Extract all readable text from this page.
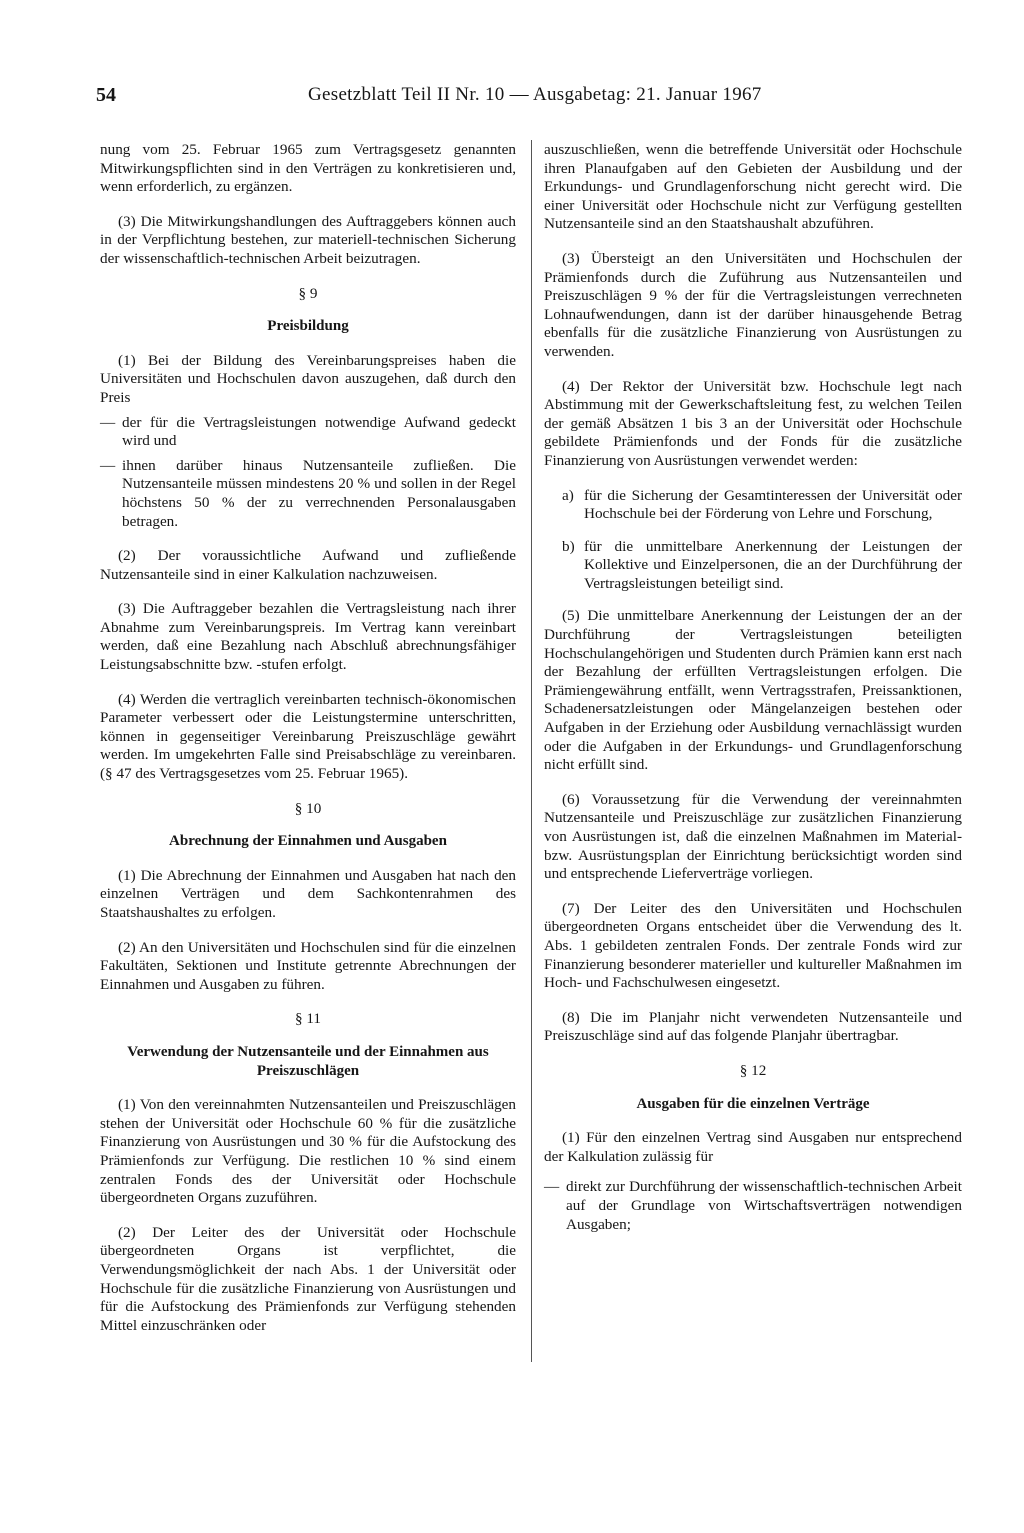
54	Gesetzblatt Teil II Nr. 10 — Ausgabetag: 21. Januar 1967

nung vom 25. Februar 1965 zum Vertragsgesetz genannten Mitwirkungspflichten sind in den Verträgen zu konkretisieren und, wenn erforderlich, zu ergänzen.

(3) Die Mitwirkungshandlungen des Auftraggebers können auch in der Verpflichtung bestehen, zur materiell-technischen Sicherung der wissenschaftlich-technischen Arbeit beizutragen.

§ 9
Preisbildung

(1) Bei der Bildung des Vereinbarungspreises haben die Universitäten und Hochschulen davon auszugehen, daß durch den Preis

— der für die Vertragsleistungen notwendige Aufwand gedeckt wird und
— ihnen darüber hinaus Nutzensanteile zufließen. Die Nutzensanteile müssen mindestens 20 % und sollen in der Regel höchstens 50 % der zu verrechnenden Personalausgaben betragen.

(2) Der voraussichtliche Aufwand und zufließende Nutzensanteile sind in einer Kalkulation nachzuweisen.

(3) Die Auftraggeber bezahlen die Vertragsleistung nach ihrer Abnahme zum Vereinbarungspreis. Im Vertrag kann vereinbart werden, daß eine Bezahlung nach Abschluß abrechnungsfähiger Leistungsabschnitte bzw. -stufen erfolgt.

(4) Werden die vertraglich vereinbarten technisch-ökonomischen Parameter verbessert oder die Leistungstermine unterschritten, können in gegenseitiger Vereinbarung Preiszuschläge gewährt werden. Im umgekehrten Falle sind Preisabschläge zu vereinbaren. (§ 47 des Vertragsgesetzes vom 25. Februar 1965).

§ 10
Abrechnung der Einnahmen und Ausgaben

(1) Die Abrechnung der Einnahmen und Ausgaben hat nach den einzelnen Verträgen und dem Sachkontenrahmen des Staatshaushaltes zu erfolgen.

(2) An den Universitäten und Hochschulen sind für die einzelnen Fakultäten, Sektionen und Institute getrennte Abrechnungen der Einnahmen und Ausgaben zu führen.

§ 11
Verwendung der Nutzensanteile und der Einnahmen aus Preiszuschlägen

(1) Von den vereinnahmten Nutzensanteilen und Preiszuschlägen stehen der Universität oder Hochschule 60 % für die zusätzliche Finanzierung von Ausrüstungen und 30 % für die Aufstockung des Prämienfonds zur Verfügung. Die restlichen 10 % sind einem zentralen Fonds des der Universität oder Hochschule übergeordneten Organs zuzuführen.

(2) Der Leiter des der Universität oder Hochschule übergeordneten Organs ist verpflichtet, die Verwendungsmöglichkeit der nach Abs. 1 der Universität oder Hochschule für die zusätzliche Finanzierung von Ausrüstungen und für die Aufstockung des Prämienfonds zur Verfügung stehenden Mittel einzuschränken oder

auszuschließen, wenn die betreffende Universität oder Hochschule ihren Planaufgaben auf den Gebieten der Ausbildung und der Erkundungs- und Grundlagenforschung nicht gerecht wird. Die einer Universität oder Hochschule nicht zur Verfügung gestellten Nutzensanteile sind an den Staatshaushalt abzuführen.

(3) Übersteigt an den Universitäten und Hochschulen der Prämienfonds durch die Zuführung aus Nutzensanteilen und Preiszuschlägen 9 % der für die Vertragsleistungen verrechneten Lohnaufwendungen, dann ist der darüber hinausgehende Betrag ebenfalls für die zusätzliche Finanzierung von Ausrüstungen zu verwenden.

(4) Der Rektor der Universität bzw. Hochschule legt nach Abstimmung mit der Gewerkschaftsleitung fest, zu welchen Teilen der gemäß Absätzen 1 bis 3 an der Universität oder Hochschule gebildete Prämienfonds und der Fonds für die zusätzliche Finanzierung von Ausrüstungen verwendet werden:

a) für die Sicherung der Gesamtinteressen der Universität oder Hochschule bei der Förderung von Lehre und Forschung,
b) für die unmittelbare Anerkennung der Leistungen der Kollektive und Einzelpersonen, die an der Durchführung der Vertragsleistungen beteiligt sind.

(5) Die unmittelbare Anerkennung der Leistungen der an der Durchführung der Vertragsleistungen beteiligten Hochschulangehörigen und Studenten durch Prämien kann erst nach der Bezahlung der erfüllten Vertragsleistungen erfolgen. Die Prämiengewährung entfällt, wenn Vertragsstrafen, Preissanktionen, Schadenersatzleistungen oder Mängelanzeigen bestehen oder Aufgaben in der Erziehung oder Ausbildung vernachlässigt wurden oder die Aufgaben in der Erkundungs- und Grundlagenforschung nicht erfüllt sind.

(6) Voraussetzung für die Verwendung der vereinnahmten Nutzensanteile und Preiszuschläge zur zusätzlichen Finanzierung von Ausrüstungen ist, daß die einzelnen Maßnahmen im Material- bzw. Ausrüstungsplan der Einrichtung berücksichtigt worden sind und entsprechende Lieferverträge vorliegen.

(7) Der Leiter des den Universitäten und Hochschulen übergeordneten Organs entscheidet über die Verwendung des lt. Abs. 1 gebildeten zentralen Fonds. Der zentrale Fonds wird zur Finanzierung besonderer materieller und kultureller Maßnahmen im Hoch- und Fachschulwesen eingesetzt.

(8) Die im Planjahr nicht verwendeten Nutzensanteile und Preiszuschläge sind auf das folgende Planjahr übertragbar.

§ 12
Ausgaben für die einzelnen Verträge

(1) Für den einzelnen Vertrag sind Ausgaben nur entsprechend der Kalkulation zulässig für

— direkt zur Durchführung der wissenschaftlich-technischen Arbeit auf der Grundlage von Wirtschaftsverträgen notwendigen Ausgaben;
